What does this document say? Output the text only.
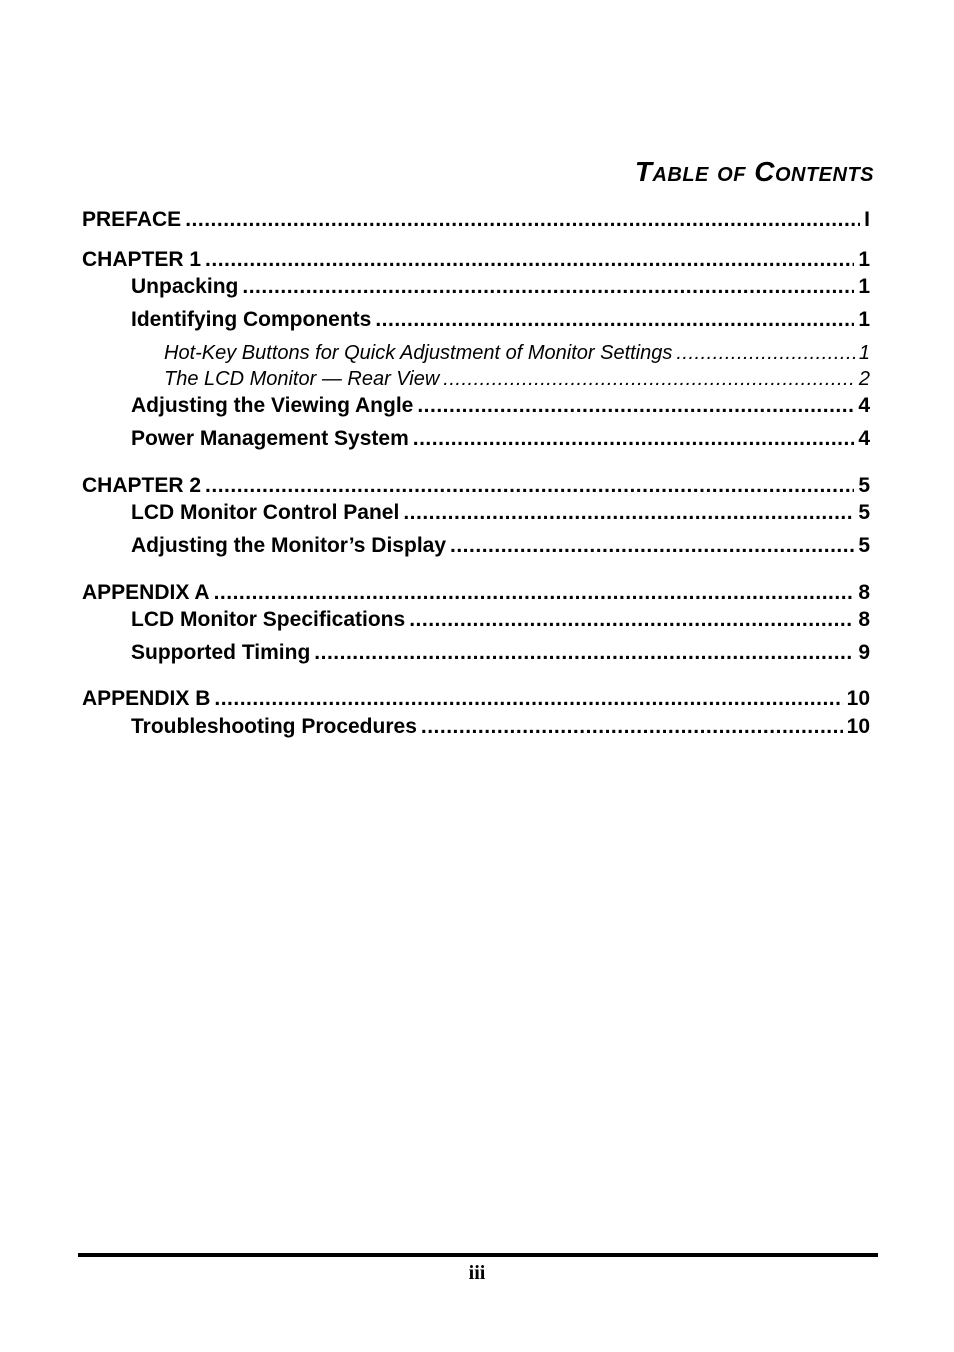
Table of Contents
PREFACE .....	I
CHAPTER 1 .....	1
Unpacking .....	1
Identifying Components .....	1
Hot-Key Buttons for Quick Adjustment of Monitor Settings .....	1
The LCD Monitor — Rear View .....	2
Adjusting the Viewing Angle .....	4
Power Management System .....	4
CHAPTER 2 .....	5
LCD Monitor Control Panel .....	5
Adjusting the Monitor’s Display .....	5
APPENDIX A .....	8
LCD Monitor Specifications .....	8
Supported Timing .....	9
APPENDIX B .....	10
Troubleshooting Procedures .....	10
iii
